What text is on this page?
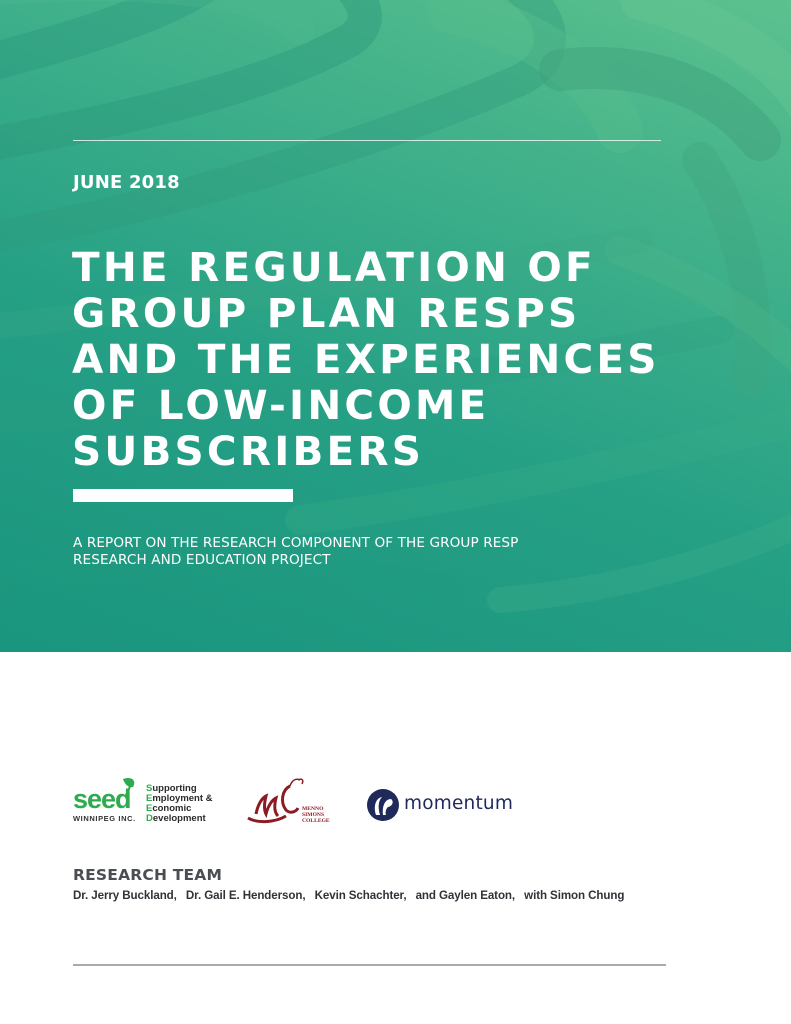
JUNE 2018
THE REGULATION OF
GROUP PLAN RESPS
AND THE EXPERIENCES
OF LOW-INCOME
SUBSCRIBERS
A REPORT ON THE RESEARCH COMPONENT OF THE GROUP RESP
RESEARCH AND EDUCATION PROJECT
seed
WINNIPEG INC.
Supporting
Employment &
Economic
Development
MENNO
SIMONS
COLLEGE
momentum
RESEARCH TEAM
Dr. Jerry Buckland, Dr. Gail E. Henderson, Kevin Schachter, and Gaylen Eaton, with Simon Chung
